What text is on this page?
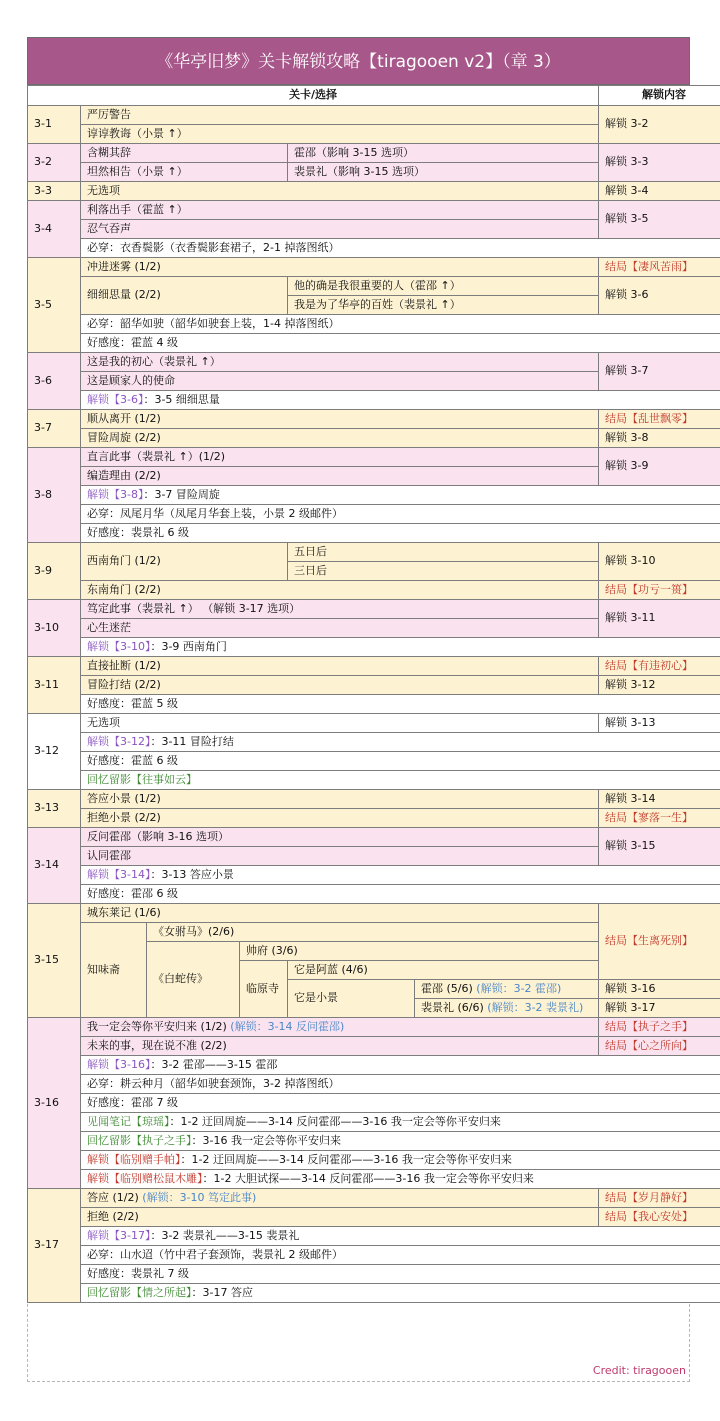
《华亭旧梦》关卡解锁攻略【tiragooen v2】（章 3）
关卡/选择						解锁内容
3-1	严厉警告					解锁 3-2
	谆谆教诲（小景 ↑）					
3-2	含糊其辞			霍邵（影响 3-15 选项）		解锁 3-3
	坦然相告（小景 ↑）			裴景礼（影响 3-15 选项）		
3-3	无选项					解锁 3-4
3-4	利落出手（霍蓝 ↑）					解锁 3-5
	忍气吞声					
	必穿：衣香鬓影（衣香鬓影套裙子，2-1 掉落图纸）					
3-5	冲进迷雾 (1/2)					结局【凄风苦雨】
	细细思量 (2/2)			他的确是我很重要的人（霍邵 ↑）		解锁 3-6
				我是为了华亭的百姓（裴景礼 ↑）		
	必穿：韶华如驶（韶华如驶套上装，1-4 掉落图纸）					
	好感度：霍蓝 4 级					
3-6	这是我的初心（裴景礼 ↑）					解锁 3-7
	这是顾家人的使命					
	解锁【3-6】：3-5 细细思量					
3-7	顺从离开 (1/2)					结局【乱世飘零】
	冒险周旋 (2/2)					解锁 3-8
3-8	直言此事（裴景礼 ↑）(1/2)					解锁 3-9
	编造理由 (2/2)					
	解锁【3-8】：3-7 冒险周旋					
	必穿：凤尾月华（凤尾月华套上装，小景 2 级邮件）					
	好感度：裴景礼 6 级					
3-9	西南角门 (1/2)			五日后		解锁 3-10
				三日后		
	东南角门 (2/2)					结局【功亏一篑】
3-10	笃定此事（裴景礼 ↑） （解锁 3-17 选项）					解锁 3-11
	心生迷茫					
	解锁【3-10】：3-9 西南角门					
3-11	直接扯断 (1/2)					结局【有违初心】
	冒险打结 (2/2)					解锁 3-12
	好感度：霍蓝 5 级					
3-12	无选项					解锁 3-13
	解锁【3-12】：3-11 冒险打结					
	好感度：霍蓝 6 级					
	回忆留影【往事如云】					
3-13	答应小景 (1/2)					解锁 3-14
	拒绝小景 (2/2)					结局【寥落一生】
3-14	反问霍邵（影响 3-16 选项）					解锁 3-15
	认同霍邵					
	解锁【3-14】：3-13 答应小景					
	好感度：霍邵 6 级					
3-15	城东莱记 (1/6)					结局【生离死别】
	知味斋	《女驸马》(2/6)				
		《白蛇传》	帅府 (3/6)			
			临原寺	它是阿蓝 (4/6)		
				它是小景	霍邵 (5/6) (解锁：3-2 霍邵)	解锁 3-16
					裴景礼 (6/6) (解锁：3-2 裴景礼)	解锁 3-17
3-16	我一定会等你平安归来 (1/2) (解锁：3-14 反问霍邵)					结局【执子之手】
	未来的事，现在说不准 (2/2)					结局【心之所向】
	解锁【3-16】：3-2 霍邵——3-15 霍邵					
	必穿：耕云种月（韶华如驶套颈饰，3-2 掉落图纸）					
	好感度：霍邵 7 级					
	见闻笔记【琼瑶】：1-2 迂回周旋——3-14 反问霍邵——3-16 我一定会等你平安归来					
	回忆留影【执子之手】：3-16 我一定会等你平安归来					
	解锁【临别赠手帕】：1-2 迂回周旋——3-14 反问霍邵——3-16 我一定会等你平安归来					
	解锁【临别赠松鼠木雕】：1-2 大胆试探——3-14 反问霍邵——3-16 我一定会等你平安归来					
3-17	答应 (1/2) (解锁：3-10 笃定此事)					结局【岁月静好】
	拒绝 (2/2)					结局【我心安处】
	解锁【3-17】：3-2 裴景礼——3-15 裴景礼					
	必穿：山水迢（竹中君子套颈饰，裴景礼 2 级邮件）					
	好感度：裴景礼 7 级					
	回忆留影【情之所起】：3-17 答应					
Credit: tiragooen
